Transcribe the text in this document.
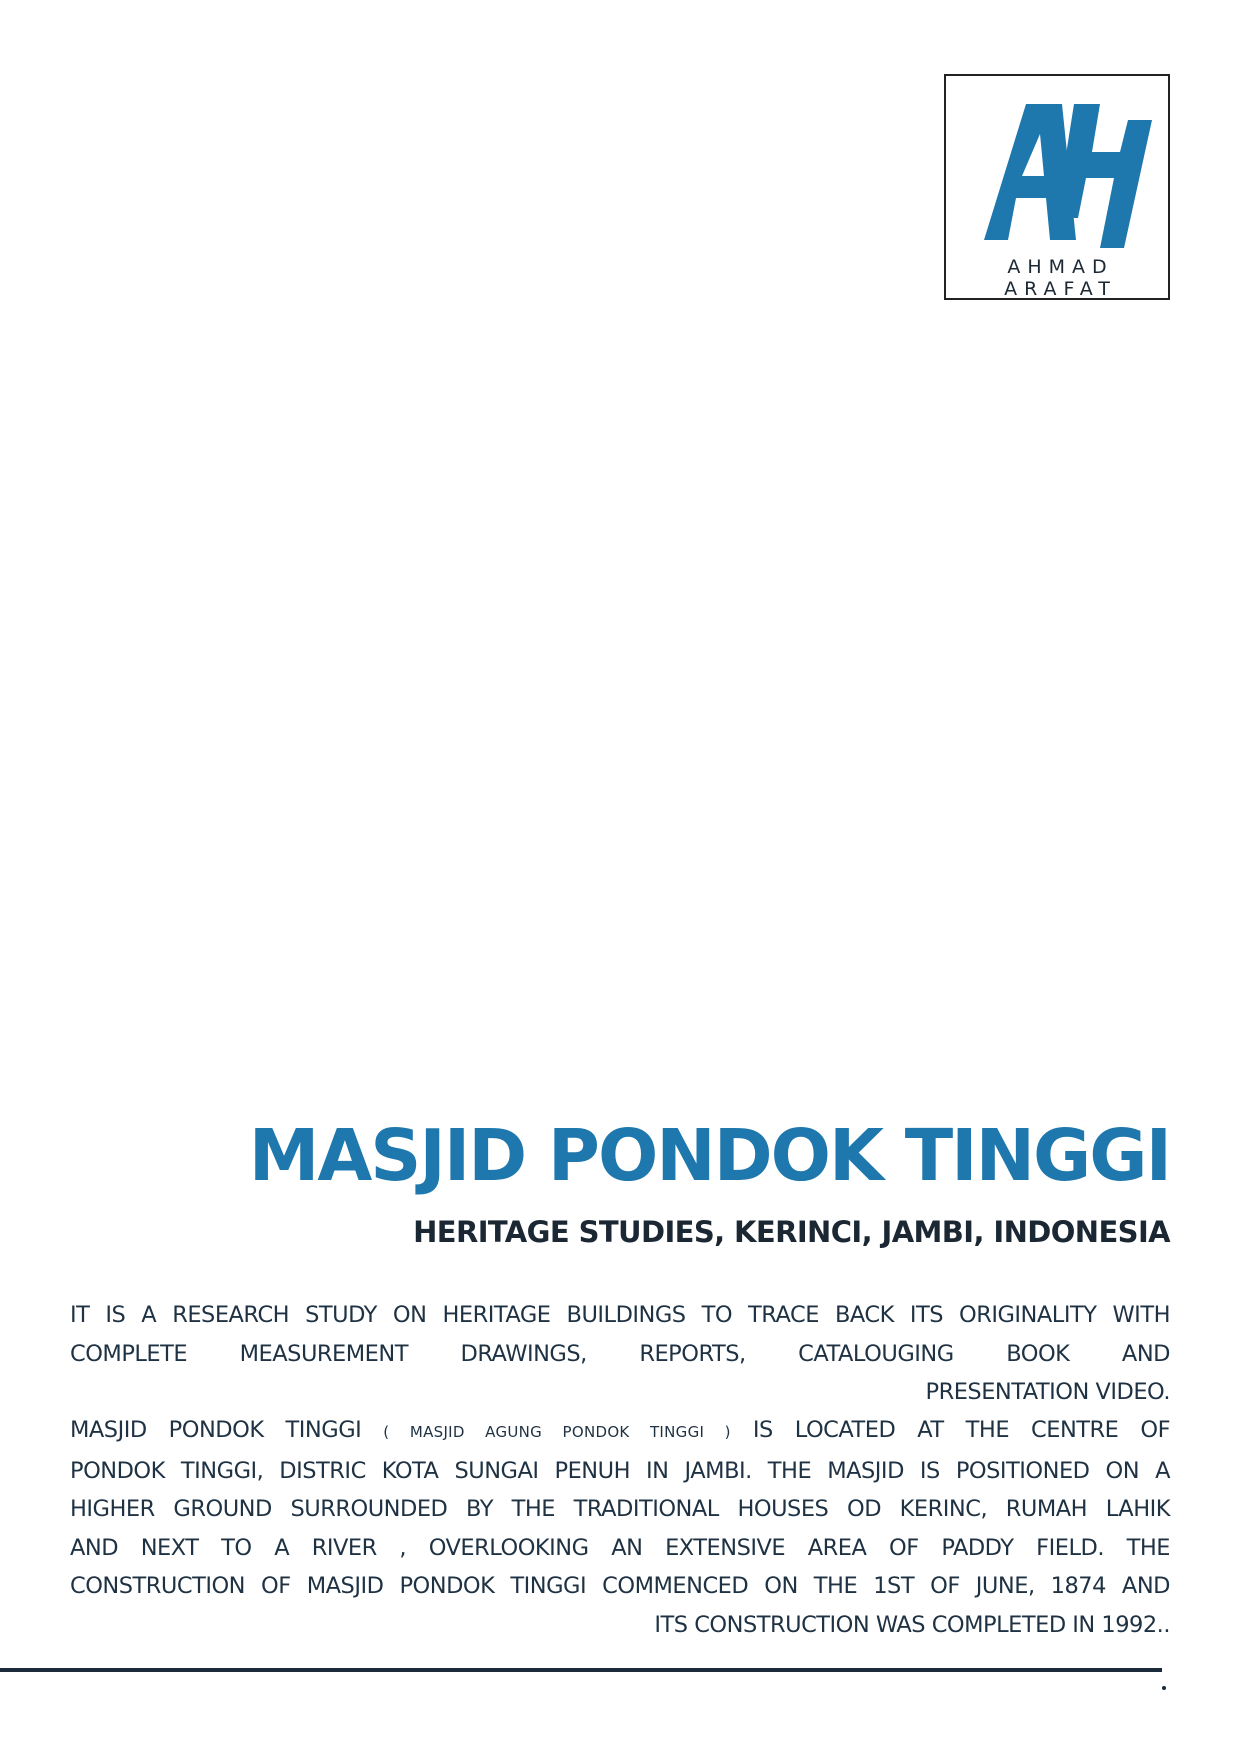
AHMAD ARAFAT
MASJID PONDOK TINGGI
HERITAGE STUDIES, KERINCI, JAMBI, INDONESIA
IT IS A RESEARCH STUDY ON HERITAGE BUILDINGS TO TRACE BACK ITS ORIGINALITY WITH
COMPLETE MEASUREMENT DRAWINGS, REPORTS, CATALOUGING BOOK AND
PRESENTATION VIDEO.
MASJID PONDOK TINGGI ( MASJID AGUNG PONDOK TINGGI ) IS LOCATED AT THE CENTRE OF
PONDOK TINGGI, DISTRIC KOTA SUNGAI PENUH IN JAMBI. THE MASJID IS POSITIONED ON A
HIGHER GROUND SURROUNDED BY THE TRADITIONAL HOUSES OD KERINC, RUMAH LAHIK
AND NEXT TO A RIVER , OVERLOOKING AN EXTENSIVE AREA OF PADDY FIELD. THE
CONSTRUCTION OF MASJID PONDOK TINGGI COMMENCED ON THE 1ST OF JUNE, 1874 AND
ITS CONSTRUCTION WAS COMPLETED IN 1992..
